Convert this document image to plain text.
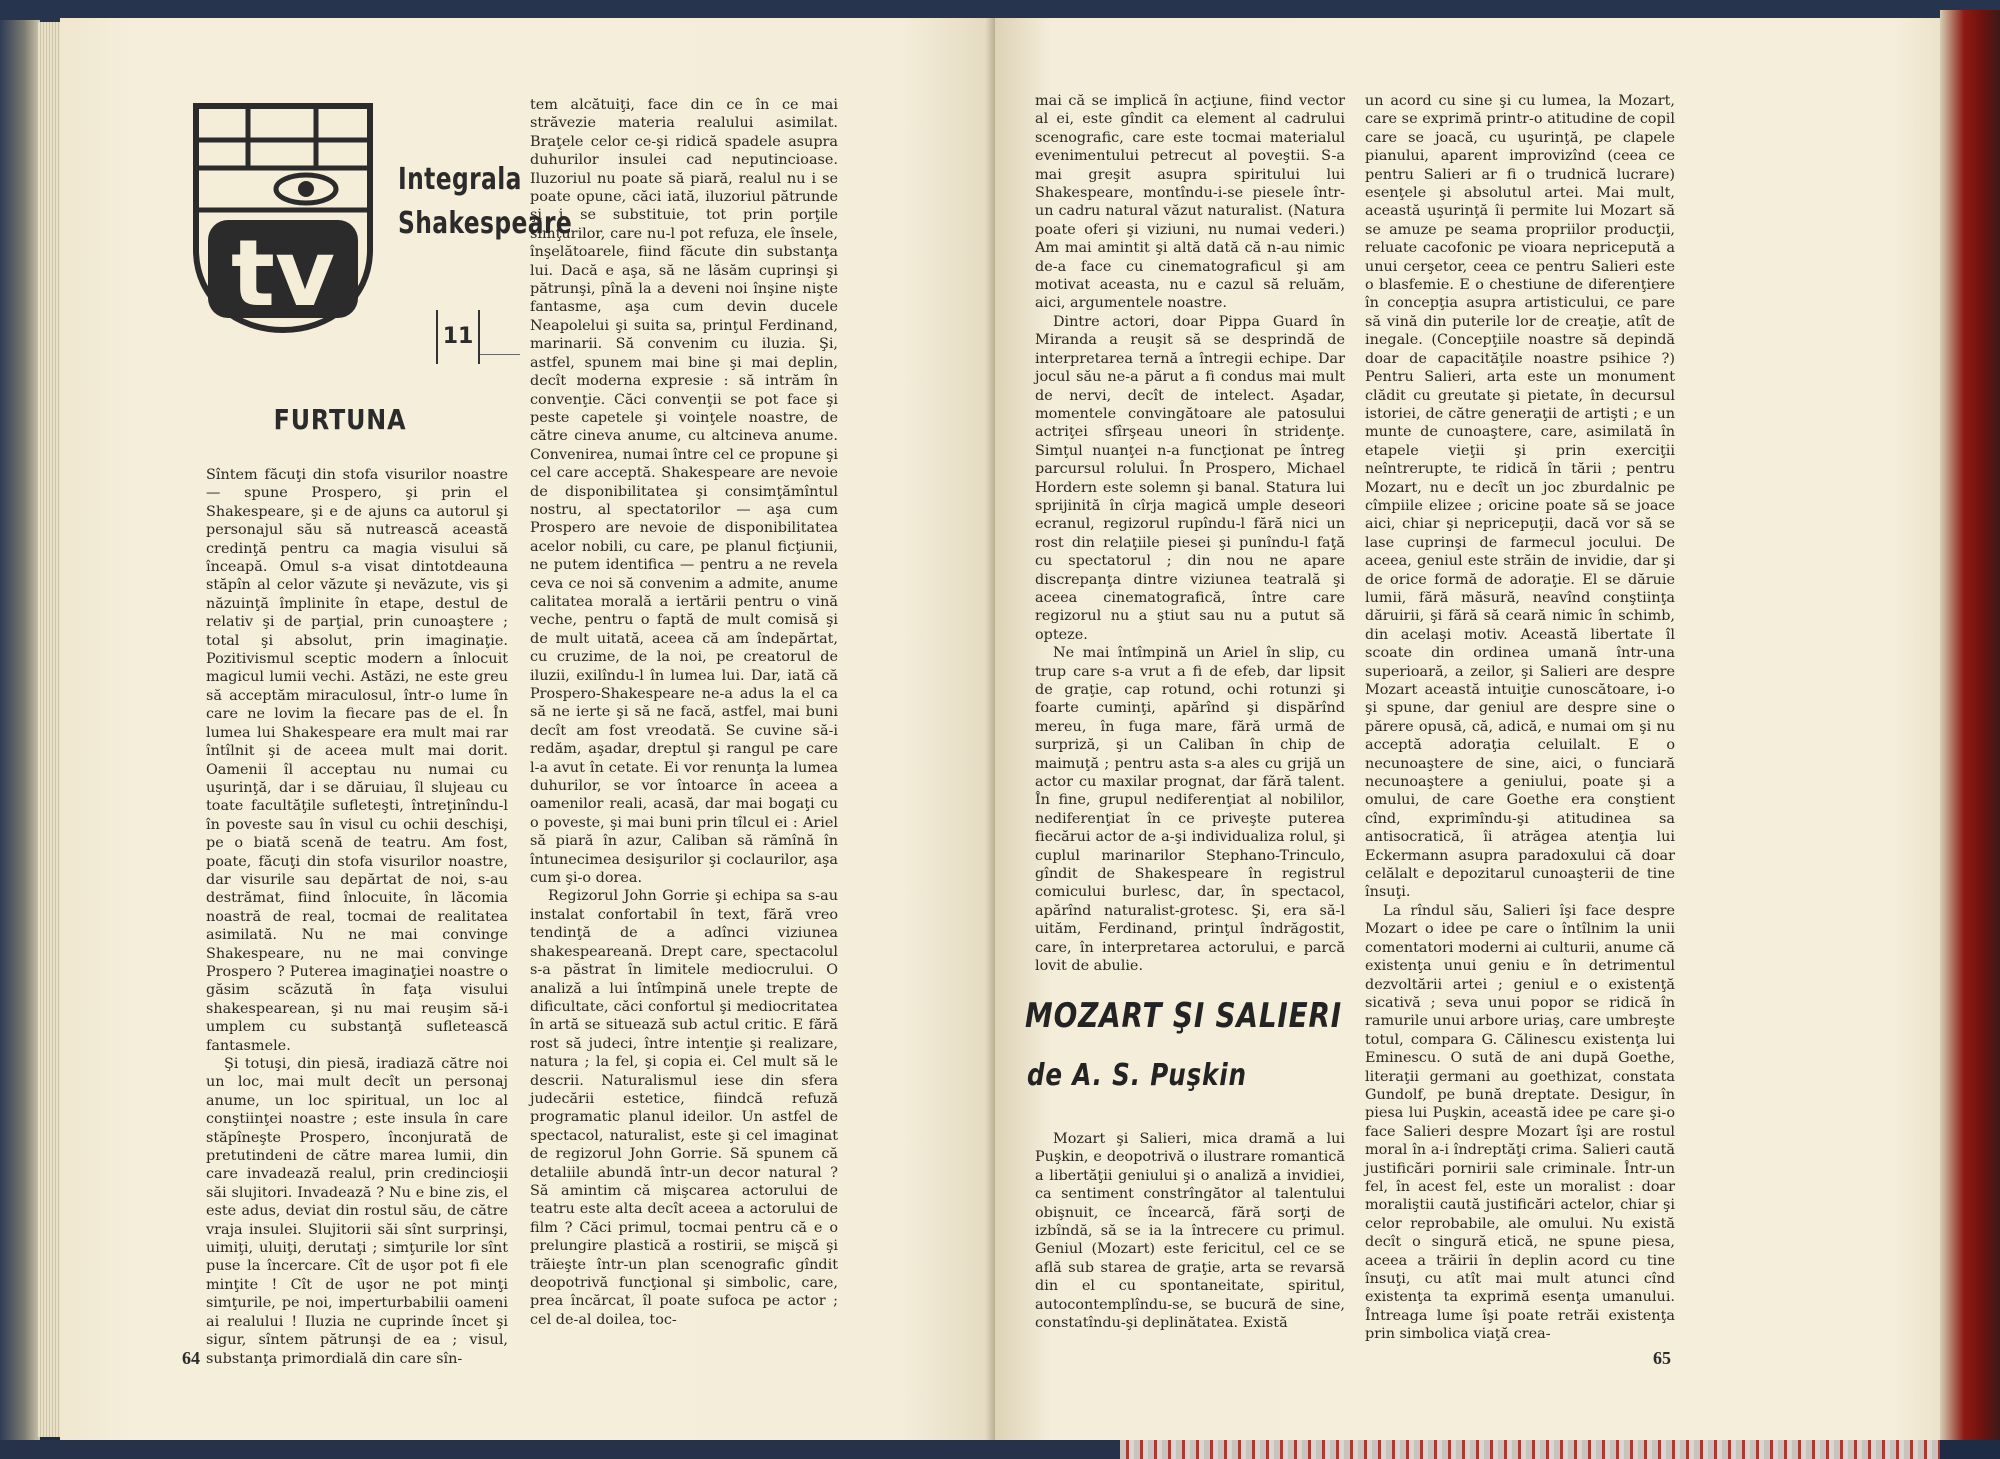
tv
Integrala
Shakespeare
11
FURTUNA

Sîntem făcuţi din stofa visurilor noastre — spune Prospero, şi prin el Shakespeare, şi e de ajuns ca autorul şi personajul său să nutrească această credinţă pentru ca magia visului să înceapă. Omul s-a visat dintotdeauna stăpîn al celor văzute şi nevăzute, vis şi năzuinţă împlinite în etape, destul de relativ şi de parţial, prin cunoaştere ; total şi absolut, prin imaginaţie. Pozitivismul sceptic modern a înlocuit magicul lumii vechi. Astăzi, ne este greu să acceptăm miraculosul, într-o lume în care ne lovim la fiecare pas de el. În lumea lui Shakespeare era mult mai rar întîlnit şi de aceea mult mai dorit. Oamenii îl acceptau nu numai cu uşurinţă, dar i se dăruiau, îl slujeau cu toate facultăţile sufleteşti, întreţinîndu-l în poveste sau în visul cu ochii deschişi, pe o biată scenă de teatru. Am fost, poate, făcuţi din stofa visurilor noastre, dar visurile sau depărtat de noi, s-au destrămat, fiind înlocuite, în lăcomia noastră de real, tocmai de realitatea asimilată. Nu ne mai convinge Shakespeare, nu ne mai convinge Prospero ? Puterea imaginaţiei noastre o găsim scăzută în faţa visului shakespearean, şi nu mai reuşim să-i umplem cu substanţă sufletească fantasmele.

Şi totuşi, din piesă, iradiază către noi un loc, mai mult decît un personaj anume, un loc spiritual, un loc al conştiinţei noastre ; este insula în care stăpîneşte Prospero, înconjurată de pretutindeni de către marea lumii, din care invadează realul, prin credincioşii săi slujitori. Invadează ? Nu e bine zis, el este adus, deviat din rostul său, de către vraja insulei. Slujitorii săi sînt surprinşi, uimiţi, uluiţi, derutaţi ; simţurile lor sînt puse la încercare. Cît de uşor pot fi ele minţite ! Cît de uşor ne pot minţi simţurile, pe noi, imperturbabilii oameni ai realului ! Iluzia ne cuprinde încet şi sigur, sîntem pătrunşi de ea ; visul, substanţa primordială din care sîn-

tem alcătuiţi, face din ce în ce mai străvezie materia realului asimilat. Braţele celor ce-şi ridică spadele asupra duhurilor insulei cad neputincioase. Iluzoriul nu poate să piară, realul nu i se poate opune, căci iată, iluzoriul pătrunde şi i se substituie, tot prin porţile simţurilor, care nu-l pot refuza, ele însele, înşelătoarele, fiind făcute din substanţa lui. Dacă e aşa, să ne lăsăm cuprinşi şi pătrunşi, pînă la a deveni noi înşine nişte fantasme, aşa cum devin ducele Neapolelui şi suita sa, prinţul Ferdinand, marinarii. Să convenim cu iluzia. Şi, astfel, spunem mai bine şi mai deplin, decît moderna expresie : să intrăm în convenţie. Căci convenţii se pot face şi peste capetele şi voinţele noastre, de către cineva anume, cu altcineva anume. Convenirea, numai între cel ce propune şi cel care acceptă. Shakespeare are nevoie de disponibilitatea şi consimţămîntul nostru, al spectatorilor — aşa cum Prospero are nevoie de disponibilitatea acelor nobili, cu care, pe planul ficţiunii, ne putem identifica — pentru a ne revela ceva ce noi să convenim a admite, anume calitatea morală a iertării pentru o vină veche, pentru o faptă de mult comisă şi de mult uitată, aceea că am îndepărtat, cu cruzime, de la noi, pe creatorul de iluzii, exilîndu-l în lumea lui. Dar, iată că Prospero-Shakespeare ne-a adus la el ca să ne ierte şi să ne facă, astfel, mai buni decît am fost vreodată. Se cuvine să-i redăm, aşadar, dreptul şi rangul pe care l-a avut în cetate. Ei vor renunţa la lumea duhurilor, se vor întoarce în aceea a oamenilor reali, acasă, dar mai bogaţi cu o poveste, şi mai buni prin tîlcul ei : Ariel să piară în azur, Caliban să rămînă în întunecimea desişurilor şi coclaurilor, aşa cum şi-o dorea.

Regizorul John Gorrie şi echipa sa s-au instalat confortabil în text, fără vreo tendinţă de a adînci viziunea shakespeareană. Drept care, spectacolul s-a păstrat în limitele mediocrului. O analiză a lui întîmpină unele trepte de dificultate, căci confortul şi mediocritatea în artă se situează sub actul critic. E fără rost să judeci, între intenţie şi realizare, natura ; la fel, şi copia ei. Cel mult să le descrii. Naturalismul iese din sfera judecării estetice, fiindcă refuză programatic planul ideilor. Un astfel de spectacol, naturalist, este şi cel imaginat de regizorul John Gorrie. Să spunem că detaliile abundă într-un decor natural ? Să amintim că mişcarea actorului de teatru este alta decît aceea a actorului de film ? Căci primul, tocmai pentru că e o prelungire plastică a rostirii, se mişcă şi trăieşte într-un plan scenografic gîndit deopotrivă funcţional şi simbolic, care, prea încărcat, îl poate sufoca pe actor ; cel de-al doilea, toc-

64

mai că se implică în acţiune, fiind vector al ei, este gîndit ca element al cadrului scenografic, care este tocmai materialul evenimentului petrecut al poveştii. S-a mai greşit asupra spiritului lui Shakespeare, montîndu-i-se piesele într-un cadru natural văzut naturalist. (Natura poate oferi şi viziuni, nu numai vederi.) Am mai amintit şi altă dată că n-au nimic de-a face cu cinematograficul şi am motivat aceasta, nu e cazul să reluăm, aici, argumentele noastre.

Dintre actori, doar Pippa Guard în Miranda a reuşit să se desprindă de interpretarea ternă a întregii echipe. Dar jocul său ne-a părut a fi condus mai mult de nervi, decît de intelect. Aşadar, momentele convingătoare ale patosului actriţei sfîrşeau uneori în stridenţe. Simţul nuanţei n-a funcţionat pe întreg parcursul rolului. În Prospero, Michael Hordern este solemn şi banal. Statura lui sprijinită în cîrja magică umple deseori ecranul, regizorul rupîndu-l fără nici un rost din relaţiile piesei şi punîndu-l faţă cu spectatorul ; din nou ne apare discrepanţa dintre viziunea teatrală şi aceea cinematografică, între care regizorul nu a ştiut sau nu a putut să opteze.

Ne mai întîmpină un Ariel în slip, cu trup care s-a vrut a fi de efeb, dar lipsit de graţie, cap rotund, ochi rotunzi şi foarte cuminţi, apărînd şi dispărînd mereu, în fuga mare, fără urmă de surpriză, şi un Caliban în chip de maimuţă ; pentru asta s-a ales cu grijă un actor cu maxilar prognat, dar fără talent. În fine, grupul nediferenţiat al nobililor, nediferenţiat în ce priveşte puterea fiecărui actor de a-şi individualiza rolul, şi cuplul marinarilor Stephano-Trinculo, gîndit de Shakespeare în registrul comicului burlesc, dar, în spectacol, apărînd naturalist-grotesc. Şi, era să-l uităm, Ferdinand, prinţul îndrăgostit, care, în interpretarea actorului, e parcă lovit de abulie.

MOZART ŞI SALIERI
de A. S. Puşkin

Mozart şi Salieri, mica dramă a lui Puşkin, e deopotrivă o ilustrare romantică a libertăţii geniului şi o analiză a invidiei, ca sentiment constrîngător al talentului obişnuit, ce încearcă, fără sorţi de izbîndă, să se ia la întrecere cu primul. Geniul (Mozart) este fericitul, cel ce se află sub starea de graţie, arta se revarsă din el cu spontaneitate, spiritul, autocontemplîndu-se, se bucură de sine, constatîndu-şi deplinătatea. Există

un acord cu sine şi cu lumea, la Mozart, care se exprimă printr-o atitudine de copil care se joacă, cu uşurinţă, pe clapele pianului, aparent improvizînd (ceea ce pentru Salieri ar fi o trudnică lucrare) esenţele şi absolutul artei. Mai mult, această uşurinţă îi permite lui Mozart să se amuze pe seama propriilor producţii, reluate cacofonic pe vioara nepricepută a unui cerşetor, ceea ce pentru Salieri este o blasfemie. E o chestiune de diferenţiere în concepţia asupra artisticului, ce pare să vină din puterile lor de creaţie, atît de inegale. (Concepţiile noastre să depindă doar de capacităţile noastre psihice ?) Pentru Salieri, arta este un monument clădit cu greutate şi pietate, în decursul istoriei, de către generaţii de artişti ; e un munte de cunoaştere, care, asimilată în etapele vieţii şi prin exerciţii neîntrerupte, te ridică în tării ; pentru Mozart, nu e decît un joc zburdalnic pe cîmpiile elizee ; oricine poate să se joace aici, chiar şi nepricepuţii, dacă vor să se lase cuprinşi de farmecul jocului. De aceea, geniul este străin de invidie, dar şi de orice formă de adoraţie. El se dăruie lumii, fără măsură, neavînd conştiinţa dăruirii, şi fără să ceară nimic în schimb, din acelaşi motiv. Această libertate îl scoate din ordinea umană într-una superioară, a zeilor, şi Salieri are despre Mozart această intuiţie cunoscătoare, i-o şi spune, dar geniul are despre sine o părere opusă, că, adică, e numai om şi nu acceptă adoraţia celuilalt. E o necunoaştere de sine, aici, o funciară necunoaştere a geniului, poate şi a omului, de care Goethe era conştient cînd, exprimîndu-şi atitudinea sa antisocratică, îi atrăgea atenţia lui Eckermann asupra paradoxului că doar celălalt e depozitarul cunoaşterii de tine însuţi.

La rîndul său, Salieri îşi face despre Mozart o idee pe care o întîlnim la unii comentatori moderni ai culturii, anume că existenţa unui geniu e în detrimentul dezvoltării artei ; geniul e o existenţă sicativă ; seva unui popor se ridică în ramurile unui arbore uriaş, care umbreşte totul, compara G. Călinescu existenţa lui Eminescu. O sută de ani după Goethe, literaţii germani au goethizat, constata Gundolf, pe bună dreptate. Desigur, în piesa lui Puşkin, această idee pe care şi-o face Salieri despre Mozart îşi are rostul moral în a-i îndreptăţi crima. Salieri caută justificări pornirii sale criminale. Într-un fel, în acest fel, este un moralist : doar moraliştii caută justificări actelor, chiar şi celor reprobabile, ale omului. Nu există decît o singură etică, ne spune piesa, aceea a trăirii în deplin acord cu tine însuţi, cu atît mai mult atunci cînd existenţa ta exprimă esenţa umanului. Întreaga lume îşi poate retrăi existenţa prin simbolica viaţă crea-

65
